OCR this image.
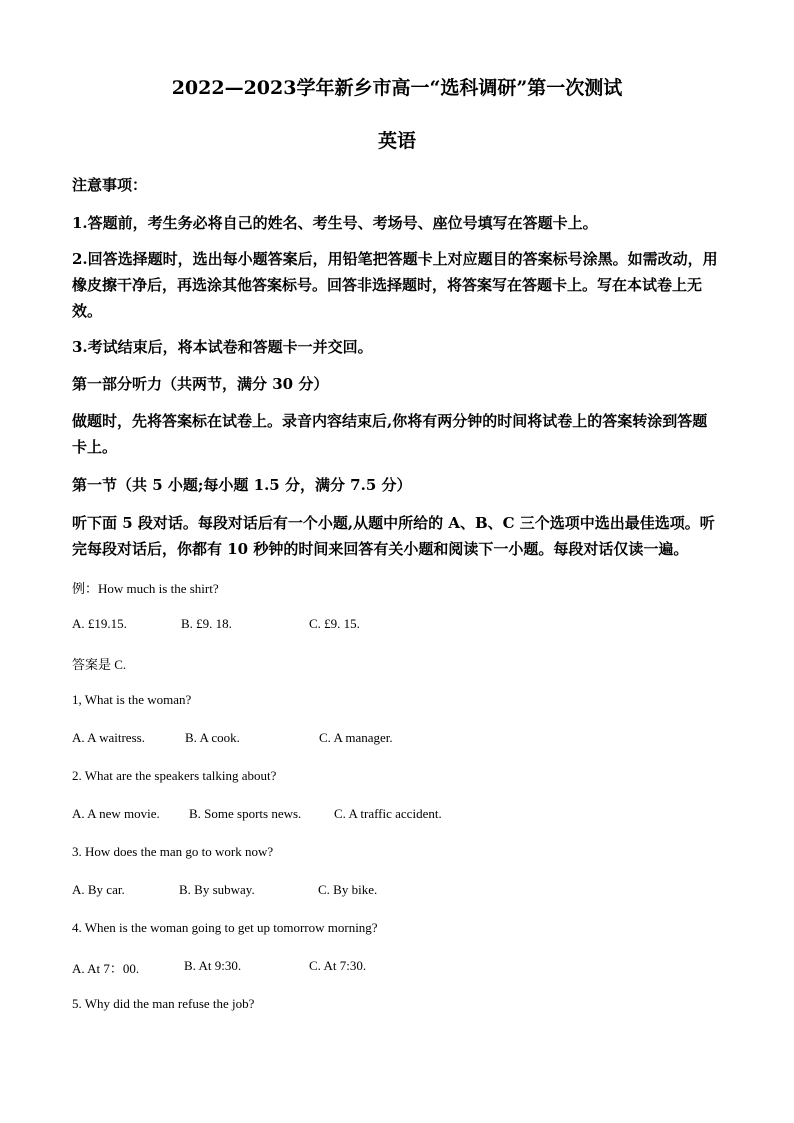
2022—2023学年新乡市高一“选科调研”第一次测试
英语
注意事项：
1.答题前，考生务必将自己的姓名、考生号、考场号、座位号填写在答题卡上。
2.回答选择题时，选出每小题答案后，用铅笔把答题卡上对应题目的答案标号涂黑。如需改动，用橡皮擦干净后，再选涂其他答案标号。回答非选择题时，将答案写在答题卡上。写在本试卷上无效。
3.考试结束后，将本试卷和答题卡一并交回。
第一部分听力（共两节，满分 30 分）
做题时，先将答案标在试卷上。录音内容结束后,你将有两分钟的时间将试卷上的答案转涂到答题卡上。
第一节（共 5 小题;每小题 1.5 分，满分 7.5 分）
听下面 5 段对话。每段对话后有一个小题,从题中所给的 A、B、C 三个选项中选出最佳选项。听完每段对话后，你都有 10 秒钟的时间来回答有关小题和阅读下一小题。每段对话仅读一遍。
例：How much is the shirt?
A. £19.15.	B. £9. 18.	C. £9. 15.
答案是 C.
1, What is the woman?
A. A waitress.	B. A cook.	C. A manager.
2. What are the speakers talking about?
A. A new movie. B. Some sports news.	C. A traffic accident.
3. How does the man go to work now?
A. By car.	B. By subway.	C. By bike.
4. When is the woman going to get up tomorrow morning?
A. At 7：00.	B. At 9:30.	C. At 7:30.
5. Why did the man refuse the job?
